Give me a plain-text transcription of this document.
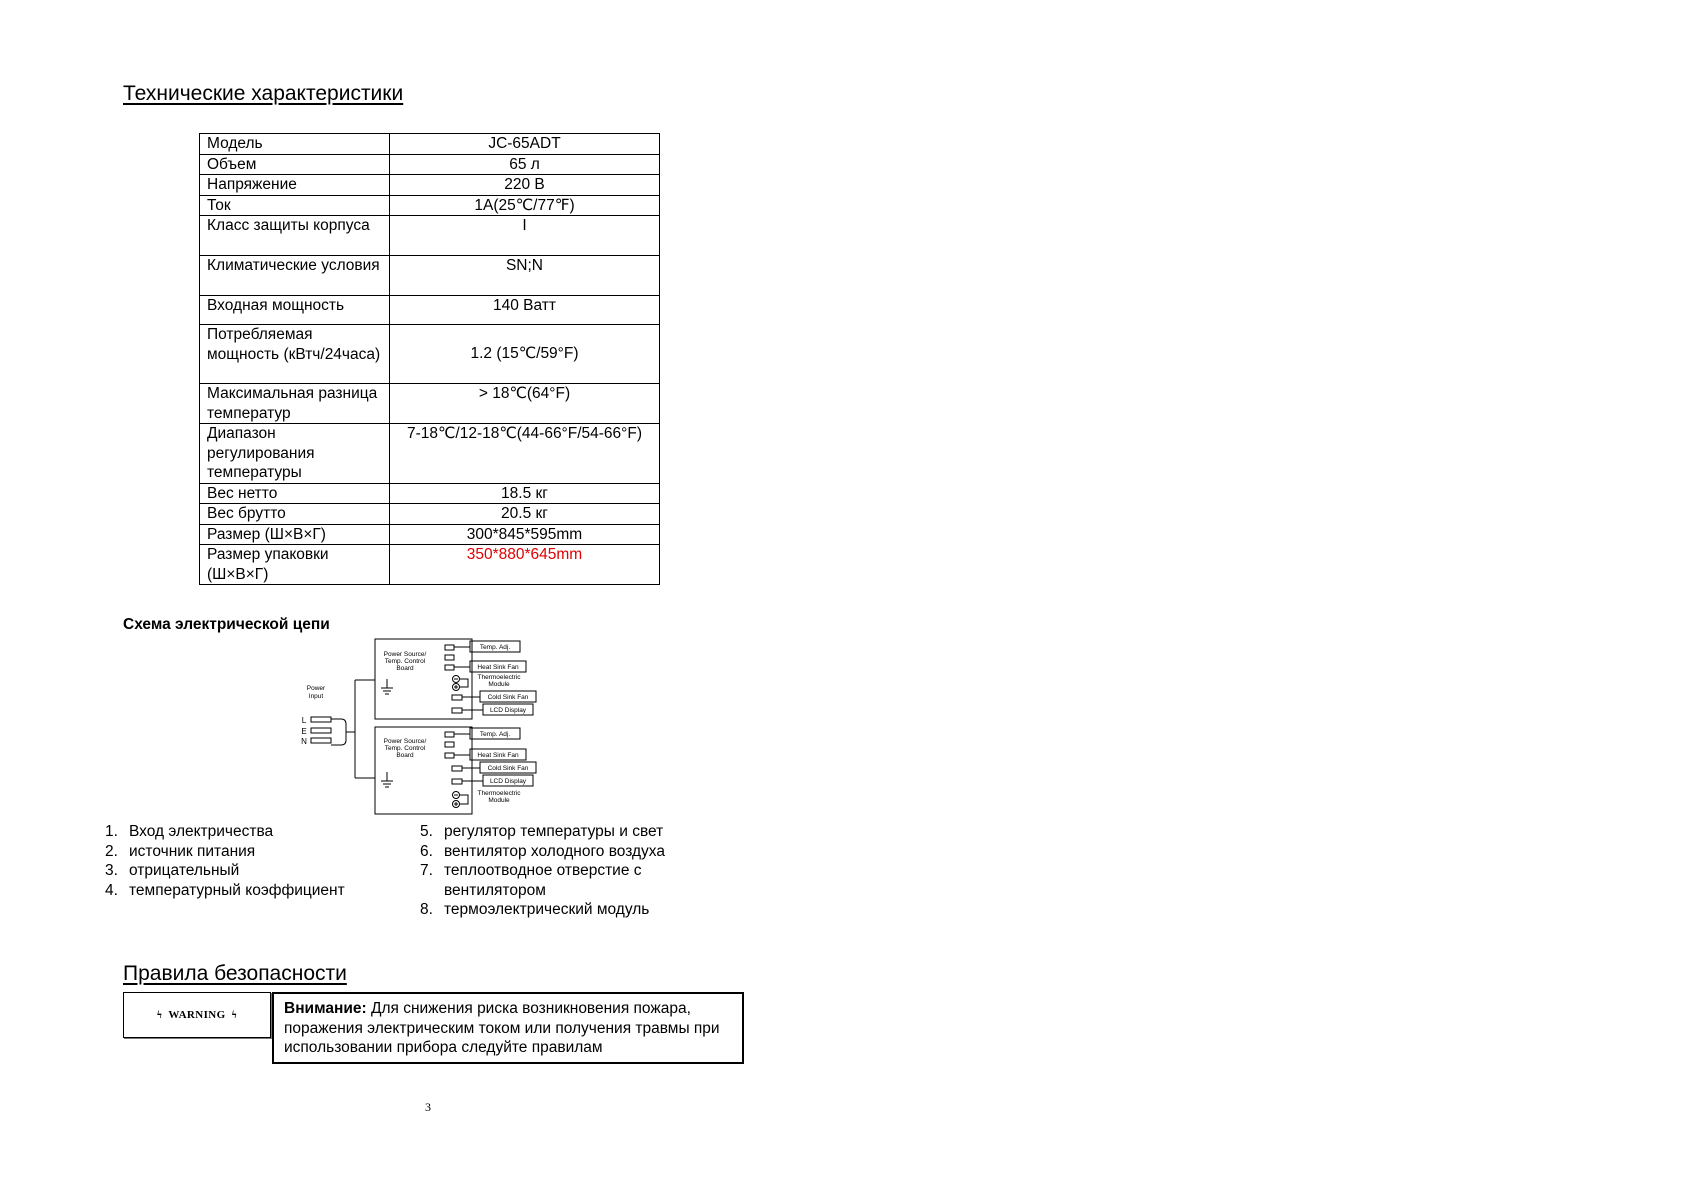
Технические характеристики
Модель	JC-65ADT
Объем	65 л
Напряжение	220 В
Ток	1A(25℃/77℉)
Класс защиты корпуса	I
Климатические условия	SN;N
Входная мощность	140 Ватт
Потребляемая мощность (кВтч/24часа)	1.2 (15℃/59°F)
Максимальная разница температур	> 18℃(64°F)
Диапазон регулирования температуры	7-18℃/12-18℃(44-66°F/54-66°F)
Вес нетто	18.5 кг
Вес брутто	20.5 кг
Размер (Ш×В×Г)	300*845*595mm
Размер упаковки (Ш×В×Г)	350*880*645mm
Схема электрической цепи
Power
Input
Power Source/
Temp. Control
Board
Power Source/
Temp. Control
Board
Temp. Adj.
Heat Sink Fan
Thermoelectric
Module
Cold Sink Fan
LCD Display
Temp. Adj.
Heat Sink Fan
Cold Sink Fan
LCD Display
Thermoelectric
Module
L
E
N
1. Вход электричества
2. источник питания
3. отрицательный
4. температурный коэффициент
5. регулятор температуры и свет
6. вентилятор холодного воздуха
7. теплоотводное отверстие с вентилятором
8. термоэлектрический модуль
Правила безопасности
ϟ WARNING ϟ	Внимание: Для снижения риска возникновения пожара, поражения электрическим током или получения травмы при использовании прибора следуйте правилам
3
